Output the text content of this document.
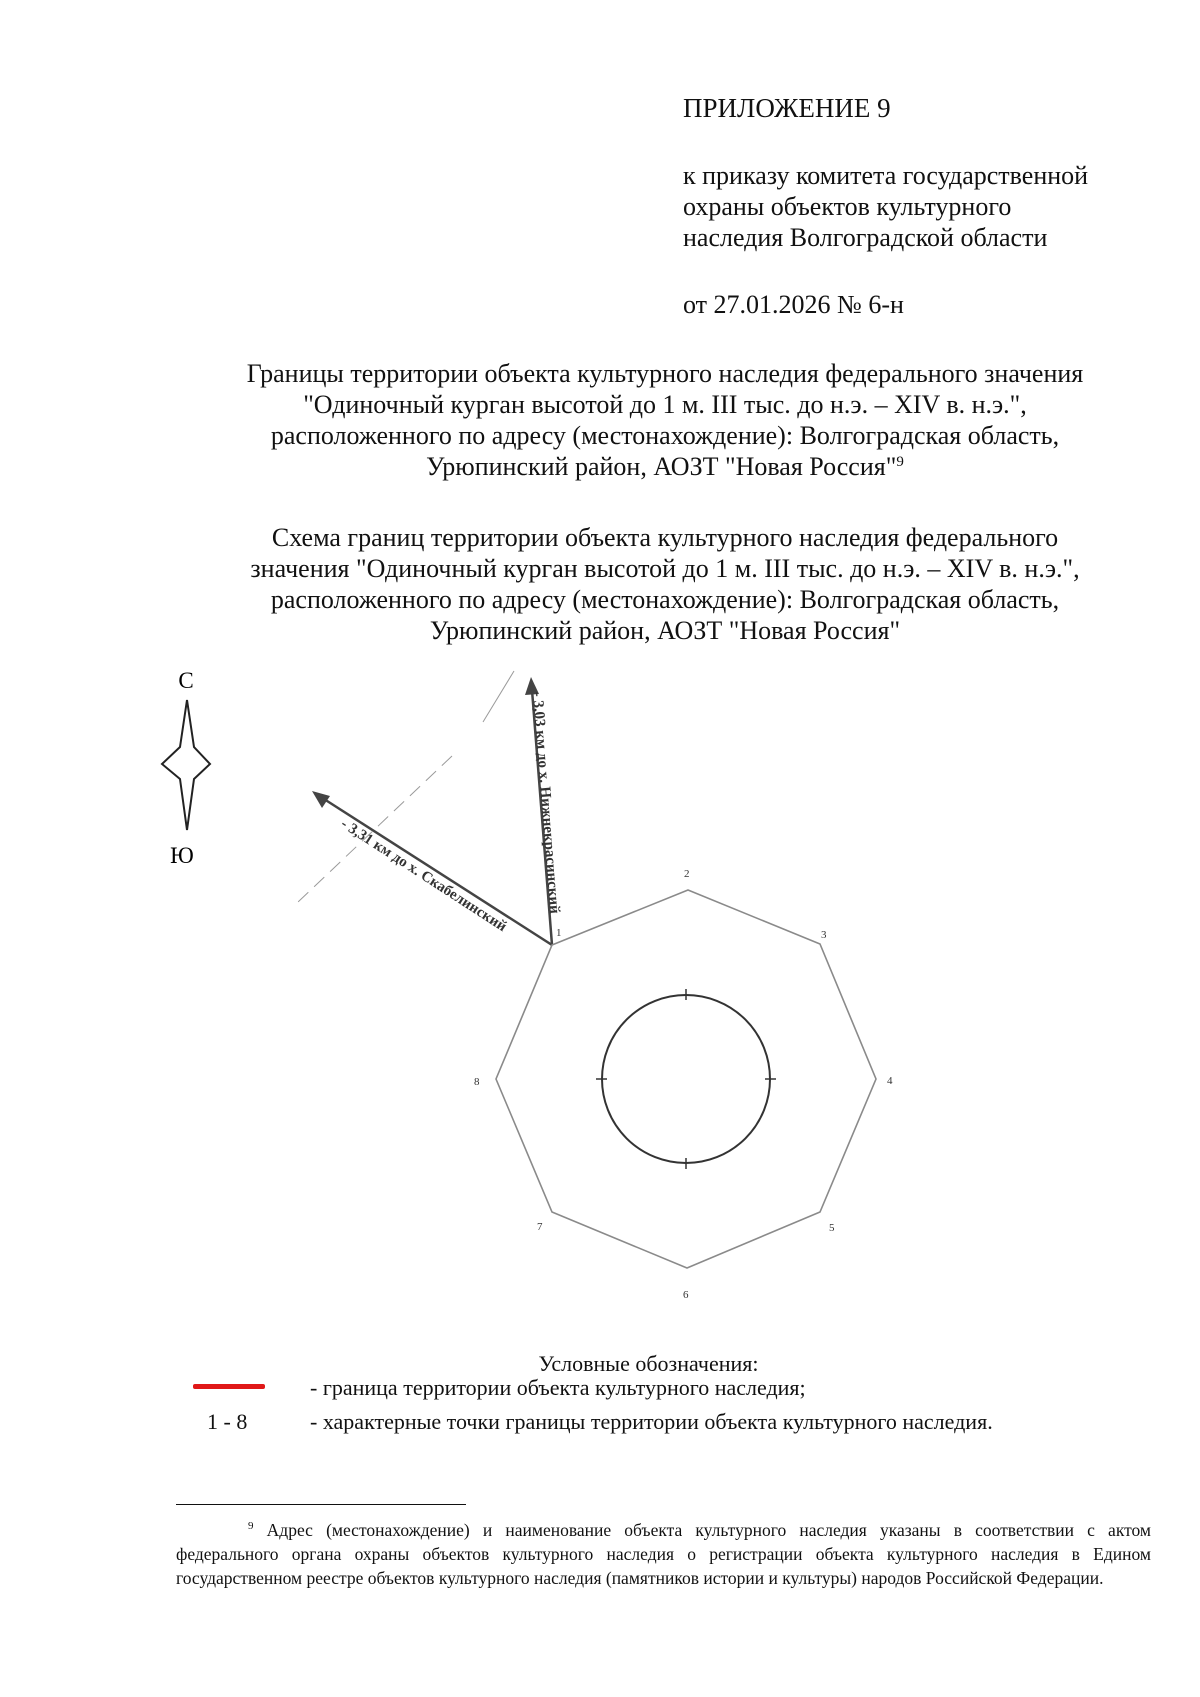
ПРИЛОЖЕНИЕ 9
к приказу комитета государственной
охраны объектов культурного
наследия Волгоградской области
от 27.01.2026 № 6-н
Границы территории объекта культурного наследия федерального значения
"Одиночный курган высотой до 1 м. III тыс. до н.э. – XIV в. н.э.",
расположенного по адресу (местонахождение): Волгоградская область,
Урюпинский район, АОЗТ "Новая Россия"$^9$
Схема границ территории объекта культурного наследия федерального
значения "Одиночный курган высотой до 1 м. III тыс. до н.э. – XIV в. н.э.",
расположенного по адресу (местонахождение): Волгоградская область,
Урюпинский район, АОЗТ "Новая Россия"
С
Ю	- 3,03 км до х. Нижнекрасинский
- 3,31 км до х. Скабелинский	1
2
3
4
5
6
7
8
Условные обозначения:
- граница территории объекта культурного наследия;
1 - 8	- характерные точки границы территории объекта культурного наследия.
$^9$ Адрес (местонахождение) и наименование объекта культурного наследия указаны в соответствии с актом федерального органа охраны объектов культурного наследия о регистрации объекта культурного наследия в Едином государственном реестре объектов культурного наследия (памятников истории и культуры) народов Российской Федерации.
